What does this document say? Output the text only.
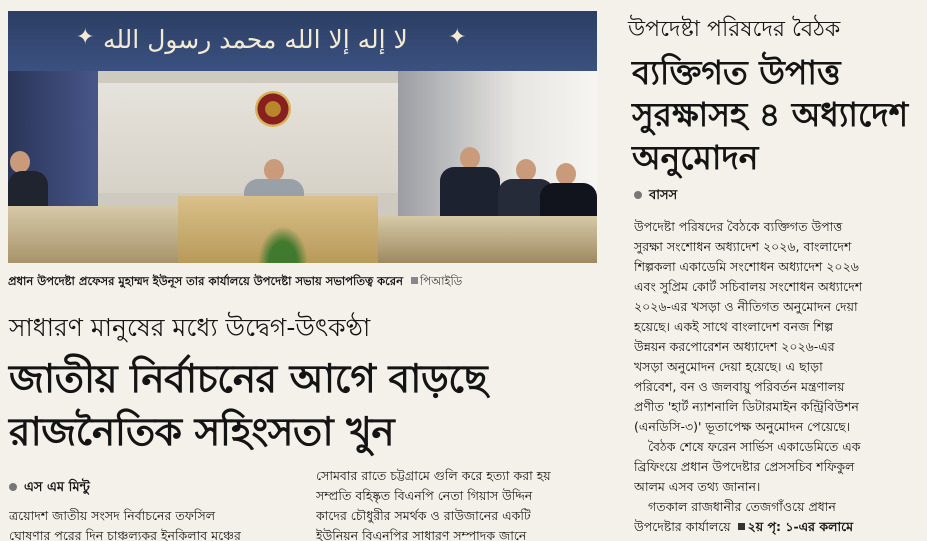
✦	✦
لا إله إلا الله محمد رسول الله
প্রধান উপদেষ্টা প্রফেসর মুহাম্মদ ইউনূস তার কার্যালয়ে উপদেষ্টা সভায় সভাপতিত্ব করেন পিআইডি
সাধারণ মানুষের মধ্যে উদ্বেগ-উৎকণ্ঠা
জাতীয় নির্বাচনের আগে বাড়ছে
রাজনৈতিক সহিংসতা খুন
এস এম মিন্টু
ত্রয়োদশ জাতীয় সংসদ নির্বাচনের তফসিল
ঘোষণার পরের দিন চাঞ্চল্যকর ইনকিলাব মঞ্চের
সোমবার রাতে চট্টগ্রামে গুলি করে হত্যা করা হয়
সম্প্রতি বহিষ্কৃত বিএনপি নেতা গিয়াস উদ্দিন
কাদের চৌধুরীর সমর্থক ও রাউজানের একটি
ইউনিয়ন বিএনপির সাধারণ সম্পাদক জানে
উপদেষ্টা পরিষদের বৈঠক
ব্যক্তিগত উপাত্ত
সুরক্ষাসহ ৪ অধ্যাদেশ
অনুমোদন
বাসস
উপদেষ্টা পরিষদের বৈঠকে ব্যক্তিগত উপাত্ত
সুরক্ষা সংশোধন অধ্যাদেশ ২০২৬, বাংলাদেশ
শিল্পকলা একাডেমি সংশোধন অধ্যাদেশ ২০২৬
এবং সুপ্রিম কোর্ট সচিবালয় সংশোধন অধ্যাদেশ
২০২৬-এর খসড়া ও নীতিগত অনুমোদন দেয়া
হয়েছে। একই সাথে বাংলাদেশ বনজ শিল্প
উন্নয়ন করপোরেশন অধ্যাদেশ ২০২৬-এর
খসড়া অনুমোদন দেয়া হয়েছে। এ ছাড়া
পরিবেশ, বন ও জলবায়ু পরিবর্তন মন্ত্রণালয়
প্রণীত 'হার্ট ন্যাশনালি ডিটারমাইন কন্ট্রিবিউশন
(এনডিসি-৩)' ভূতাপেক্ষ অনুমোদন পেয়েছে।
বৈঠক শেষে ফরেন সার্ভিস একাডেমিতে এক
ব্রিফিংয়ে প্রধান উপদেষ্টার প্রেসসচিব শফিকুল
আলম এসব তথ্য জানান।
গতকাল রাজধানীর তেজগাঁওয়ে প্রধান
উপদেষ্টার কার্যালয়ে ২য় পৃ: ১-এর কলামে
